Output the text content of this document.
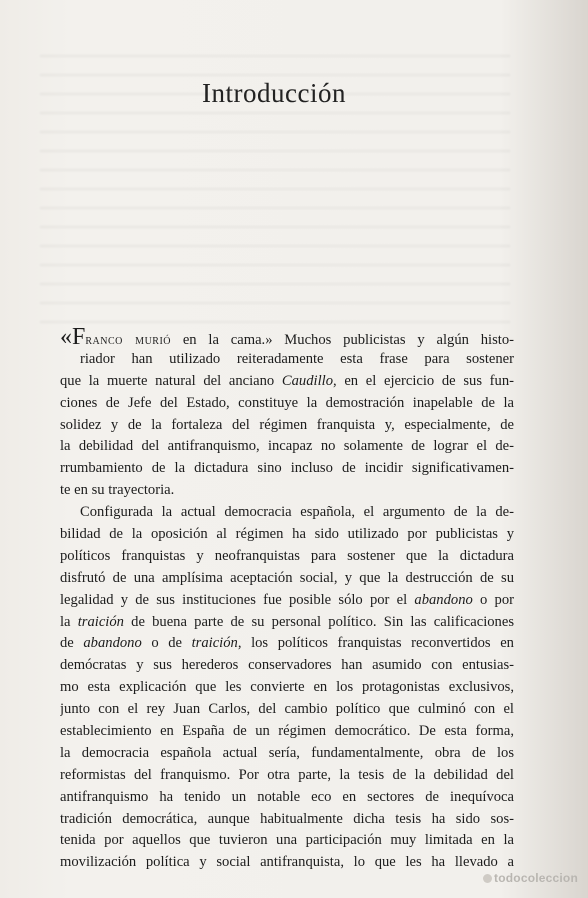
Introducción
«Franco murió en la cama.» Muchos publicistas y algún histo-
riador han utilizado reiteradamente esta frase para sostener
que la muerte natural del anciano Caudillo, en el ejercicio de sus fun-
ciones de Jefe del Estado, constituye la demostración inapelable de la
solidez y de la fortaleza del régimen franquista y, especialmente, de
la debilidad del antifranquismo, incapaz no solamente de lograr el de-
rrumbamiento de la dictadura sino incluso de incidir significativamen-
te en su trayectoria.
Configurada la actual democracia española, el argumento de la de-
bilidad de la oposición al régimen ha sido utilizado por publicistas y
políticos franquistas y neofranquistas para sostener que la dictadura
disfrutó de una amplísima aceptación social, y que la destrucción de su
legalidad y de sus instituciones fue posible sólo por el abandono o por
la traición de buena parte de su personal político. Sin las calificaciones
de abandono o de traición, los políticos franquistas reconvertidos en
demócratas y sus herederos conservadores han asumido con entusias-
mo esta explicación que les convierte en los protagonistas exclusivos,
junto con el rey Juan Carlos, del cambio político que culminó con el
establecimiento en España de un régimen democrático. De esta forma,
la democracia española actual sería, fundamentalmente, obra de los
reformistas del franquismo. Por otra parte, la tesis de la debilidad del
antifranquismo ha tenido un notable eco en sectores de inequívoca
tradición democrática, aunque habitualmente dicha tesis ha sido sos-
tenida por aquellos que tuvieron una participación muy limitada en la
movilización política y social antifranquista, lo que les ha llevado a
todocoleccion
